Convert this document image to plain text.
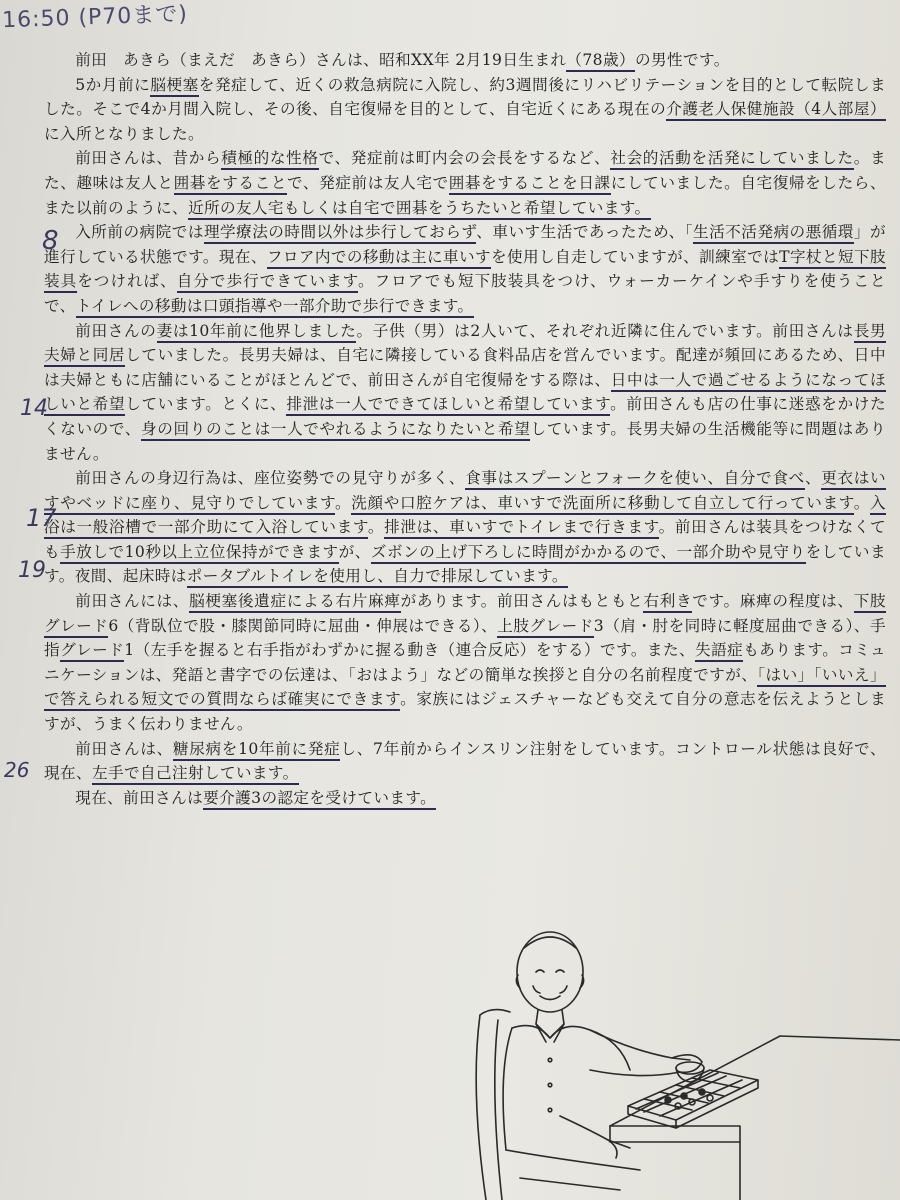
16:50 (P70まで)

前田　あきら（まえだ　あきら）さんは、昭和XX年 2月19日生まれ（78歳）の男性です。

5か月前に脳梗塞を発症して、近くの救急病院に入院し、約3週間後にリハビリテーションを目的として転院しました。そこで4か月間入院し、その後、自宅復帰を目的として、自宅近くにある現在の介護老人保健施設（4人部屋）に入所となりました。

前田さんは、昔から積極的な性格で、発症前は町内会の会長をするなど、社会的活動を活発にしていました。また、趣味は友人と囲碁をすることで、発症前は友人宅で囲碁をすることを日課にしていました。自宅復帰をしたら、また以前のように、近所の友人宅もしくは自宅で囲碁をうちたいと希望しています。

入所前の病院では理学療法の時間以外は歩行しておらず、車いす生活であったため、「生活不活発病の悪循環」が進行している状態です。現在、フロア内での移動は主に車いすを使用し自走していますが、訓練室ではT字杖と短下肢装具をつければ、自分で歩行できています。フロアでも短下肢装具をつけ、ウォーカーケインや手すりを使うことで、トイレへの移動は口頭指導や一部介助で歩行できます。

前田さんの妻は10年前に他界しました。子供（男）は2人いて、それぞれ近隣に住んでいます。前田さんは長男夫婦と同居していました。長男夫婦は、自宅に隣接している食料品店を営んでいます。配達が頻回にあるため、日中は夫婦ともに店舗にいることがほとんどで、前田さんが自宅復帰をする際は、日中は一人で過ごせるようになってほしいと希望しています。とくに、排泄は一人でできてほしいと希望しています。前田さんも店の仕事に迷惑をかけたくないので、身の回りのことは一人でやれるようになりたいと希望しています。長男夫婦の生活機能等に問題はありません。

前田さんの身辺行為は、座位姿勢での見守りが多く、食事はスプーンとフォークを使い、自分で食べ、更衣はいすやベッドに座り、見守りでしています。洗顔や口腔ケアは、車いすで洗面所に移動して自立して行っています。入浴は一般浴槽で一部介助にて入浴しています。排泄は、車いすでトイレまで行きます。前田さんは装具をつけなくても手放しで10秒以上立位保持ができますが、ズボンの上げ下ろしに時間がかかるので、一部介助や見守りをしています。夜間、起床時はポータブルトイレを使用し、自力で排尿しています。

前田さんには、脳梗塞後遺症による右片麻痺があります。前田さんはもともと右利きです。麻痺の程度は、下肢グレード6（背臥位で股・膝関節同時に屈曲・伸展はできる）、上肢グレード3（肩・肘を同時に軽度屈曲できる）、手指グレード1（左手を握ると右手指がわずかに握る動き（連合反応）をする）です。また、失語症もあります。コミュニケーションは、発語と書字での伝達は、「おはよう」などの簡単な挨拶と自分の名前程度ですが、「はい」「いいえ」で答えられる短文での質問ならば確実にできます。家族にはジェスチャーなども交えて自分の意志を伝えようとしますが、うまく伝わりません。

前田さんは、糖尿病を10年前に発症し、7年前からインスリン注射をしています。コントロール状態は良好で、現在、左手で自己注射しています。

現在、前田さんは要介護3の認定を受けています。

8
14
17
19
26
